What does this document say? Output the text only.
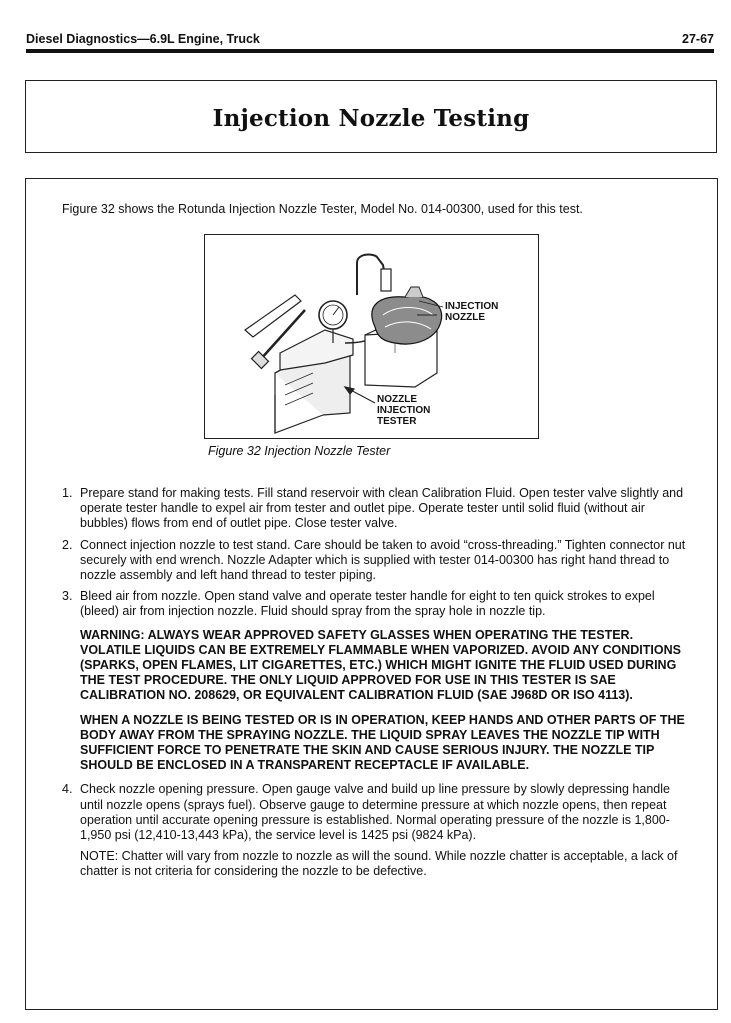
Diesel Diagnostics—6.9L Engine, Truck	27-67
Injection Nozzle Testing
Figure 32 shows the Rotunda Injection Nozzle Tester, Model No. 014-00300, used for this test.
INJECTION
NOZZLE
NOZZLE
INJECTION
TESTER
Figure 32 Injection Nozzle Tester
1. Prepare stand for making tests. Fill stand reservoir with clean Calibration Fluid. Open tester valve slightly and operate tester handle to expel air from tester and outlet pipe. Operate tester until solid fluid (without air bubbles) flows from end of outlet pipe. Close tester valve.
2. Connect injection nozzle to test stand. Care should be taken to avoid “cross-threading.” Tighten connector nut securely with end wrench. Nozzle Adapter which is supplied with tester 014-00300 has right hand thread to nozzle assembly and left hand thread to tester piping.
3. Bleed air from nozzle. Open stand valve and operate tester handle for eight to ten quick strokes to expel (bleed) air from injection nozzle. Fluid should spray from the spray hole in nozzle tip.
WARNING: ALWAYS WEAR APPROVED SAFETY GLASSES WHEN OPERATING THE TESTER. VOLATILE LIQUIDS CAN BE EXTREMELY FLAMMABLE WHEN VAPORIZED. AVOID ANY CONDITIONS (SPARKS, OPEN FLAMES, LIT CIGARETTES, ETC.) WHICH MIGHT IGNITE THE FLUID USED DURING THE TEST PROCEDURE. THE ONLY LIQUID APPROVED FOR USE IN THIS TESTER IS SAE CALIBRATION NO. 208629, OR EQUIVALENT CALIBRATION FLUID (SAE J968D OR ISO 4113).
WHEN A NOZZLE IS BEING TESTED OR IS IN OPERATION, KEEP HANDS AND OTHER PARTS OF THE BODY AWAY FROM THE SPRAYING NOZZLE. THE LIQUID SPRAY LEAVES THE NOZZLE TIP WITH SUFFICIENT FORCE TO PENETRATE THE SKIN AND CAUSE SERIOUS INJURY. THE NOZZLE TIP SHOULD BE ENCLOSED IN A TRANSPARENT RECEPTACLE IF AVAILABLE.
4. Check nozzle opening pressure. Open gauge valve and build up line pressure by slowly depressing handle until nozzle opens (sprays fuel). Observe gauge to determine pressure at which nozzle opens, then repeat operation until accurate opening pressure is established. Normal operating pressure of the nozzle is 1,800-1,950 psi (12,410-13,443 kPa), the service level is 1425 psi (9824 kPa).
NOTE: Chatter will vary from nozzle to nozzle as will the sound. While nozzle chatter is acceptable, a lack of chatter is not criteria for considering the nozzle to be defective.
